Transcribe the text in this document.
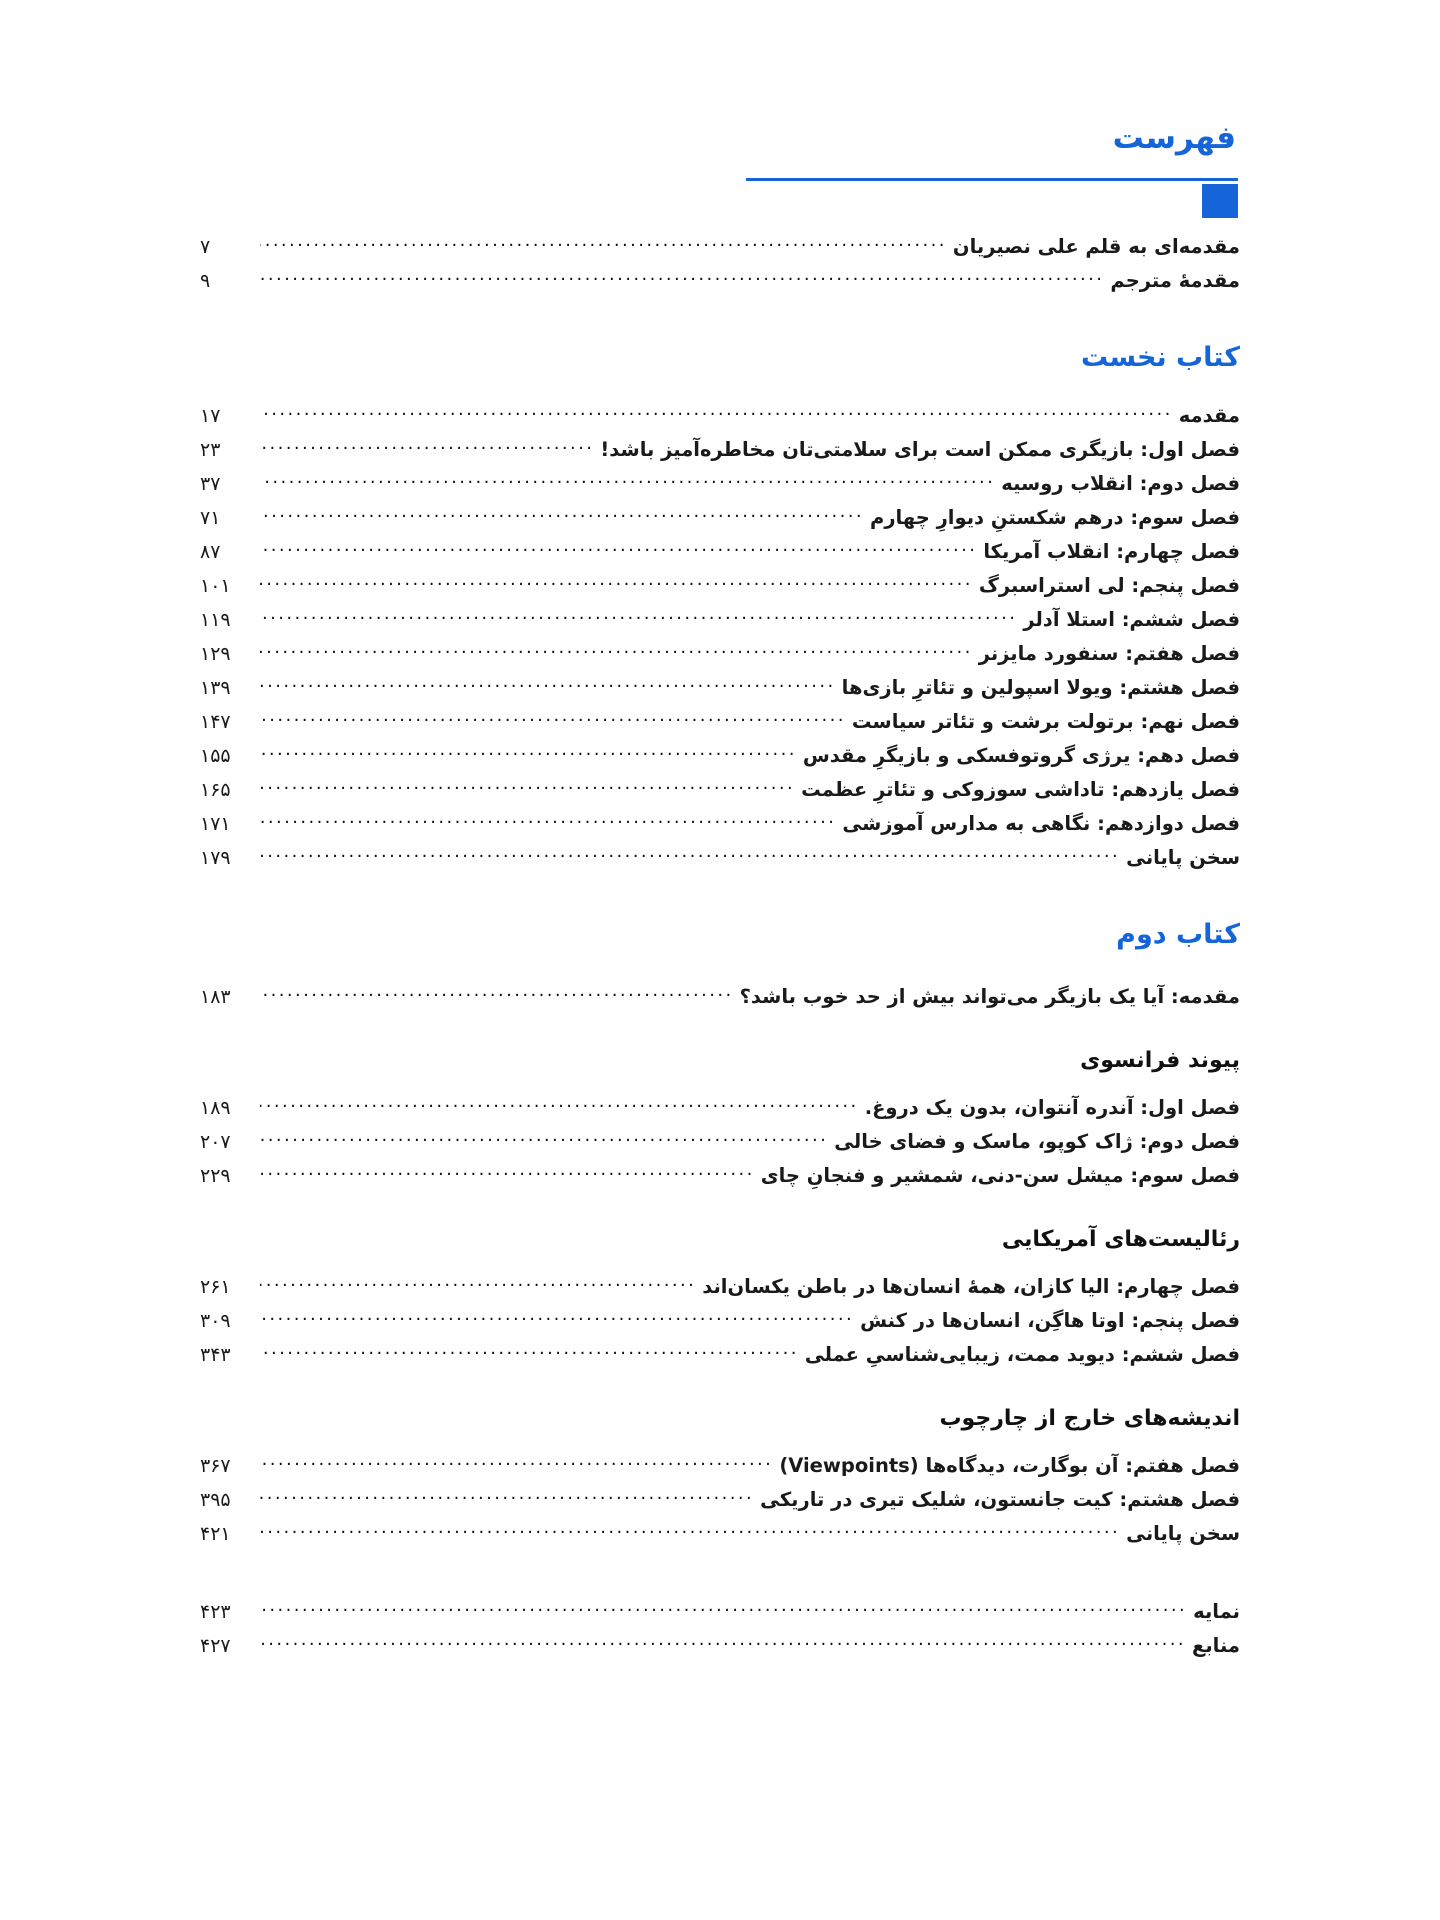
فهرست
مقدمه‌ای به قلم علی نصیریان
.....
۷
مقدمۀ مترجم
.....
۹
کتاب نخست
مقدمه
.....
۱۷
فصل اول: بازیگری ممکن است برای سلامتی‌تان مخاطره‌آمیز باشد!
.....
۲۳
فصل دوم: انقلاب روسیه
.....
۳۷
فصل سوم: درهم شکستنِ دیوارِ چهارم
.....
۷۱
فصل چهارم: انقلاب آمریکا
.....
۸۷
فصل پنجم: لی استراسبرگ
.....
۱۰۱
فصل ششم: استلا آدلر
.....
۱۱۹
فصل هفتم: سنفورد مایزنر
.....
۱۲۹
فصل هشتم: ویولا اسپولین و تئاترِ بازی‌ها
.....
۱۳۹
فصل نهم: برتولت برشت و تئاتر سیاست
.....
۱۴۷
فصل دهم: یرژی گروتوفسکی و بازیگرِ مقدس
.....
۱۵۵
فصل یازدهم: تاداشی سوزوکی و تئاترِ عظمت
.....
۱۶۵
فصل دوازدهم: نگاهی به مدارس آموزشی
.....
۱۷۱
سخن پایانی
.....
۱۷۹
کتاب دوم
مقدمه: آیا یک بازیگر می‌تواند بیش از حد خوب باشد؟
.....
۱۸۳
پیوند فرانسوی
فصل اول: آندره آنتوان، بدون یک دروغ.
.....
۱۸۹
فصل دوم: ژاک کوپو، ماسک و فضای خالی
.....
۲۰۷
فصل سوم: میشل سن-دنی، شمشیر و فنجانِ چای
.....
۲۲۹
رئالیست‌های آمریکایی
فصل چهارم: الیا کازان، همۀ انسان‌ها در باطن یکسان‌اند
.....
۲۶۱
فصل پنجم: اوتا هاگِن، انسان‌ها در کنش
.....
۳۰۹
فصل ششم: دیوید ممت، زیبایی‌شناسیِ عملی
.....
۳۴۳
اندیشه‌های خارج از چارچوب
فصل هفتم: آن بوگارت، دیدگاه‌ها (Viewpoints)
.....
۳۶۷
فصل هشتم: کیت جانستون، شلیک تیری در تاریکی
.....
۳۹۵
سخن پایانی
.....
۴۲۱
نمایه
.....
۴۲۳
منابع
.....
۴۲۷
